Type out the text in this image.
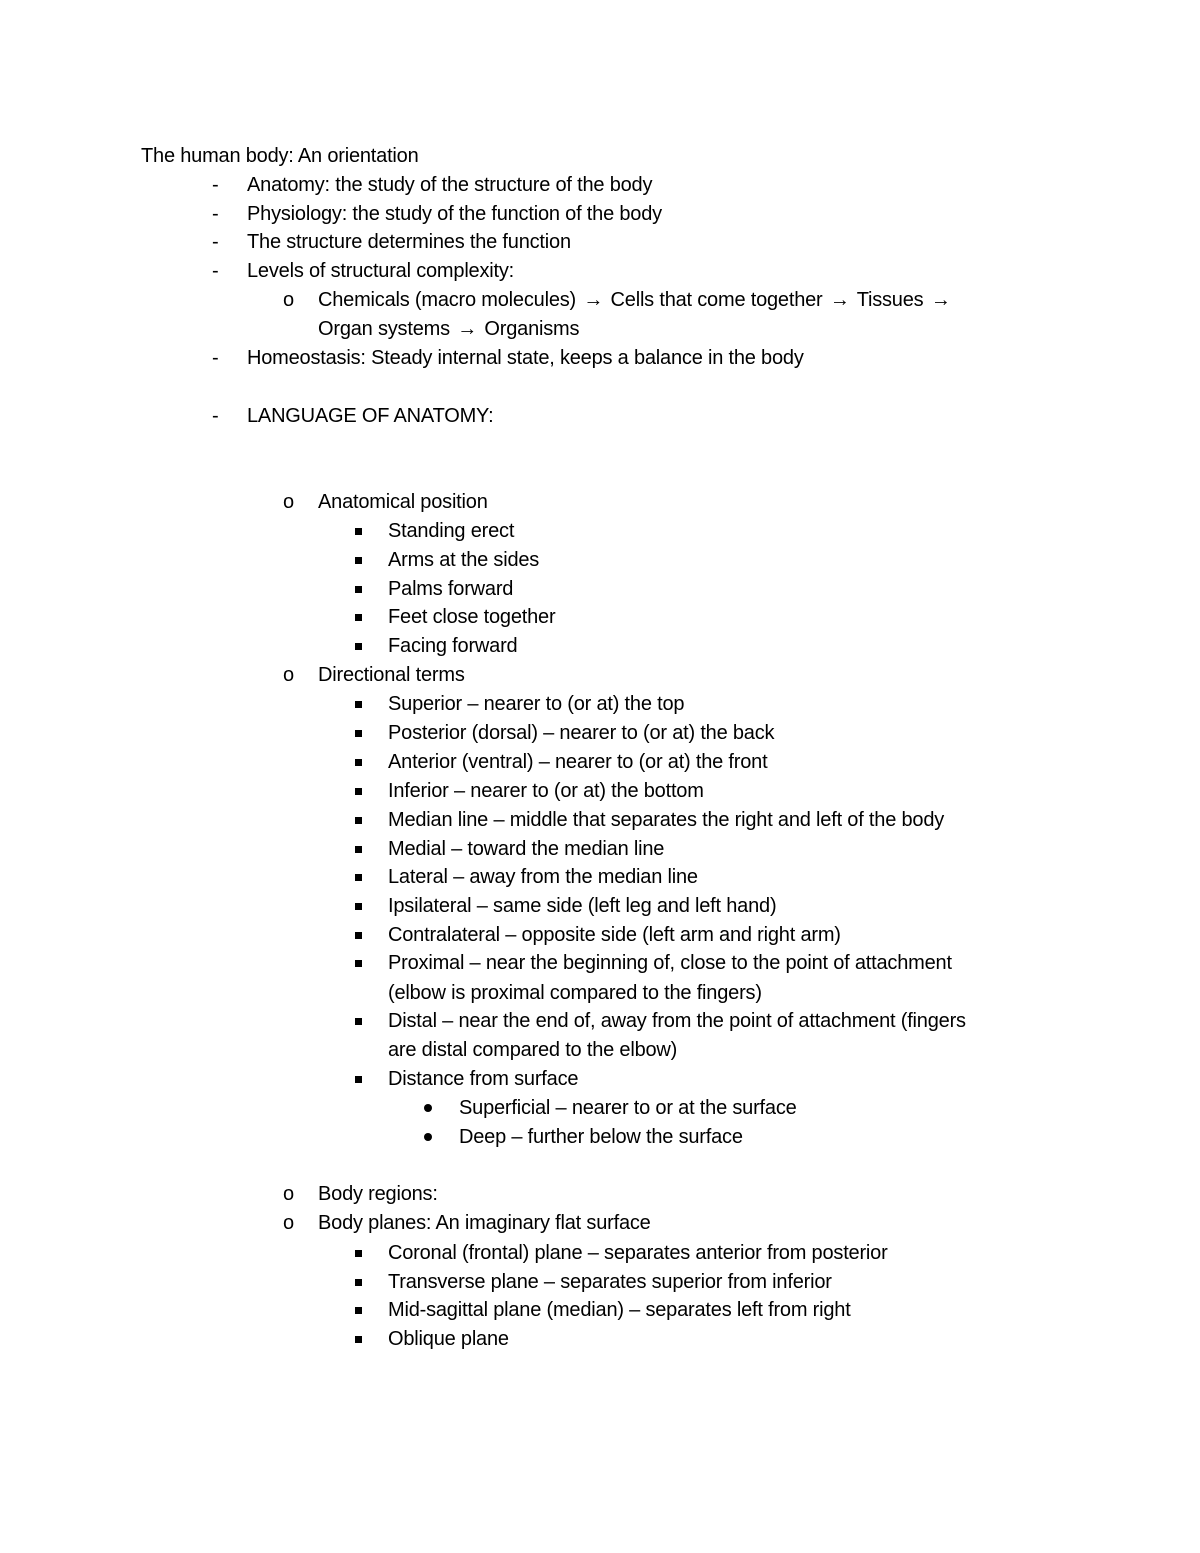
The human body: An orientation
- Anatomy: the study of the structure of the body
- Physiology: the study of the function of the body
- The structure determines the function
- Levels of structural complexity:
o Chemicals (macro molecules) → Cells that come together → Tissues →
Organ systems → Organisms
- Homeostasis: Steady internal state, keeps a balance in the body
- LANGUAGE OF ANATOMY:
o Anatomical position
Standing erect
Arms at the sides
Palms forward
Feet close together
Facing forward
o Directional terms
Superior – nearer to (or at) the top
Posterior (dorsal) – nearer to (or at) the back
Anterior (ventral) – nearer to (or at) the front
Inferior – nearer to (or at) the bottom
Median line – middle that separates the right and left of the body
Medial – toward the median line
Lateral – away from the median line
Ipsilateral – same side (left leg and left hand)
Contralateral – opposite side (left arm and right arm)
Proximal – near the beginning of, close to the point of attachment
(elbow is proximal compared to the fingers)
Distal – near the end of, away from the point of attachment (fingers
are distal compared to the elbow)
Distance from surface
Superficial – nearer to or at the surface
Deep – further below the surface
o Body regions:
o Body planes: An imaginary flat surface
Coronal (frontal) plane – separates anterior from posterior
Transverse plane – separates superior from inferior
Mid-sagittal plane (median) – separates left from right
Oblique plane
